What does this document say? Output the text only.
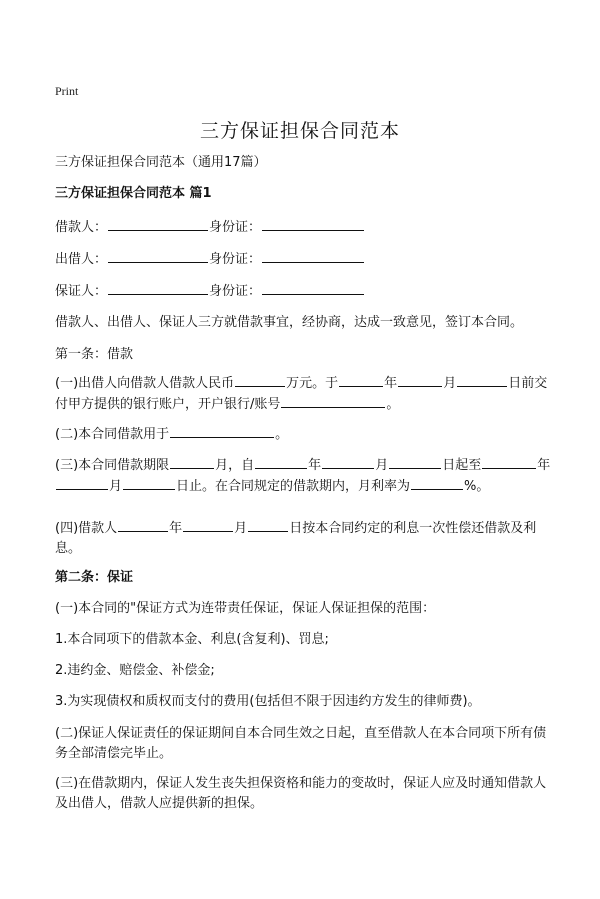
Print
三方保证担保合同范本

三方保证担保合同范本（通用17篇）

三方保证担保合同范本 篇1

借款人：	身份证：

出借人：	身份证：

保证人：	身份证：

借款人、出借人、保证人三方就借款事宜，经协商，达成一致意见，签订本合同。

第一条：借款

(一)出借人向借款人借款人民币	万元。于	年	月	日前交付甲方提供的银行账户，开户银行/账号	。

(二)本合同借款用于	。

(三)本合同借款期限	月，自	年	月	日起至	年月	日止。在合同规定的借款期内，月利率为	%。

(四)借款人	年	月	日按本合同约定的利息一次性偿还借款及利息。

第二条：保证

(一)本合同的"保证方式为连带责任保证，保证人保证担保的范围：

1.本合同项下的借款本金、利息(含复利)、罚息;

2.违约金、赔偿金、补偿金;

3.为实现债权和质权而支付的费用(包括但不限于因违约方发生的律师费)。

(二)保证人保证责任的保证期间自本合同生效之日起，直至借款人在本合同项下所有债务全部清偿完毕止。

(三)在借款期内，保证人发生丧失担保资格和能力的变故时，保证人应及时通知借款人及出借人，借款人应提供新的担保。
